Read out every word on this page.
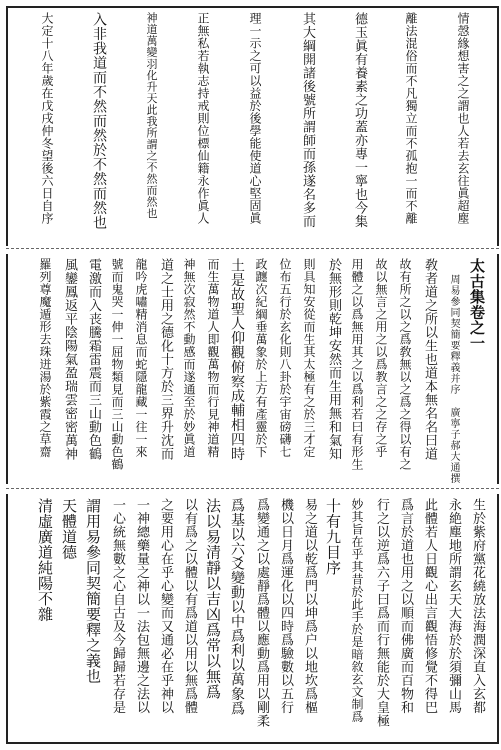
情愨緣想害之之謂也人若去玄往眞超塵

離法混俗而不凡獨立而不孤抱一而不離

德玉眞有養素之功蓋亦專一寧也今集

其大綱開諸後號所謂師而孫遂名多而

理一示之可以益於後學能使道心堅固眞

正無私若執志持戒則位標仙籍永作眞人

神道萬變羽化升天此我所謂之不然而然也

入非我道而不然而然於不然而然也

大定十八年歲在戊戌仲冬望後六日自序

太古集卷之一

周易參同契簡要釋義并序 廣寧子郝大通撰

敎者道之所以生也道本無名名曰道

故有所之以之爲敎無以之爲之得以有之

故以無言之用之以爲教言之之存之乎

用體之以爲無用其之以爲利若曰有形生

於無形則乾坤安然而生用無和氣知

則具知安從而生其太極有之於三才定

位布五行於玄化則八卦於宇宙磅礴七

政躔次紀綱垂萬象於上方有產靈於下

土是故聖人仰觀俯察成輔相四時

而生萬物道人即觀萬物而行見神道精

神無次寂然不動感而遂通至於妙眞道

道之士用之德化十方於三界升沈而

龍吟虎嘯精消息而蛇隱龍藏一往一來

號而鬼哭一伸一屈物類見而三山動色鶴

電激而入丧騰霜雷震而三山動色鶴

風鑾鳳返平陰陽氣盈瑞雲密密萬神

羅列尊魔遁形去珠迸湯於紫霞之草齋

生於紫府黨花繞放法海潤深直入玄都

永絶塵地所謂玄天大海於於須彌山馬

此體若人日觀心出言觀悟修覺不得巴

爲言於道也用之以順而佛廣而百物和

行之以逆爲六子曰爲而行無能於大皇極

妙其旨在乎其昔於此手於是暗敘玄文制爲

十有九目序

易之道以乾爲門以坤爲户以地坎爲樞

機以日月爲運化以四時爲驗數以五行

爲變通之以處靜爲體以應動爲用以剛柔

爲基以六爻變動以中爲利以萬象爲

法以易清靜以吉凶爲常以無爲

以有爲之以體以有爲道以用以無爲體

之要用心在乎心變而又通必在乎神以

一神總藥量之神以一法包無邊之法以

一心統無數之心自古及今歸歸若存是

謂用易參同契簡要釋之義也

天體道德

清虛廣道純陽不雜
